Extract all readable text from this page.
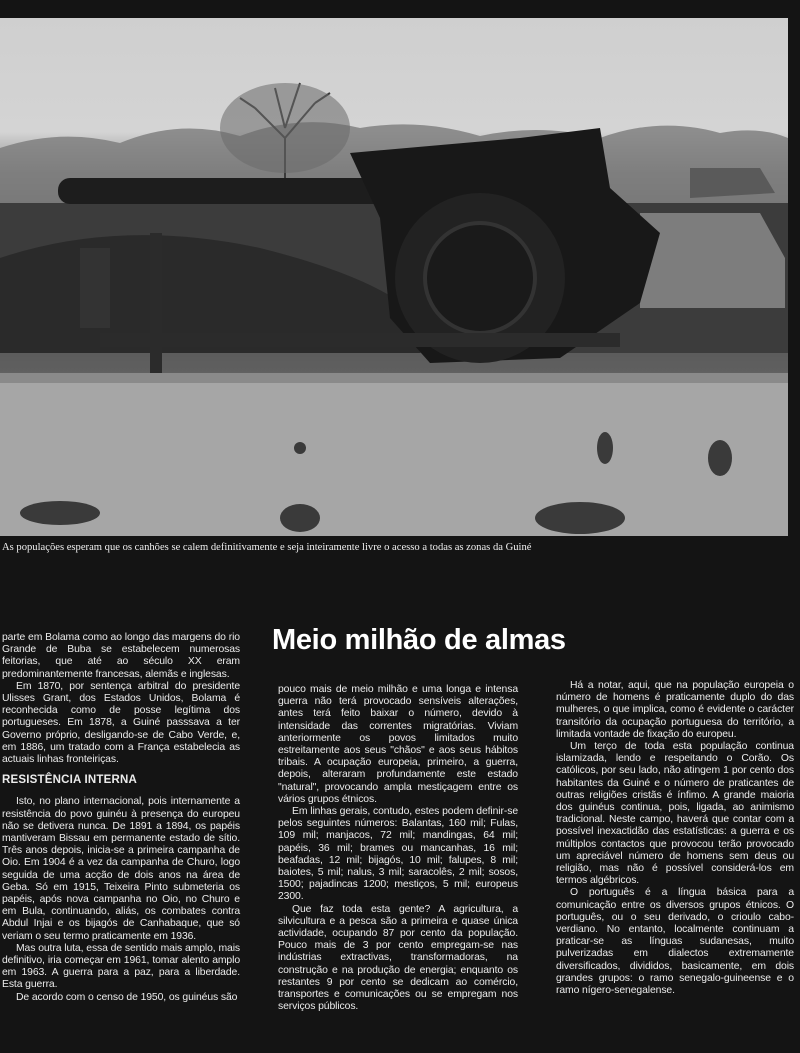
As populações esperam que os canhões se calem definitivamente e seja inteiramente livre o acesso a todas as zonas da Guiné
Meio milhão de almas

parte em Bolama como ao longo das margens do rio Grande de Buba se estabelecem numerosas feitorias, que até ao século XX eram predominantemente francesas, alemãs e inglesas.

Em 1870, por sentença arbitral do presidente Ulisses Grant, dos Estados Unidos, Bolama é reconhecida como de posse legítima dos portugueses. Em 1878, a Guiné passsava a ter Governo próprio, desligando-se de Cabo Verde, e, em 1886, um tratado com a França estabelecia as actuais linhas fronteiriças.

RESISTÊNCIA INTERNA

Isto, no plano internacional, pois internamente a resistência do povo guinéu à presença do europeu não se detivera nunca. De 1891 a 1894, os papéis mantiveram Bissau em permanente estado de sítio. Três anos depois, inicia-se a primeira campanha de Oio. Em 1904 é a vez da campanha de Churo, logo seguida de uma acção de dois anos na área de Geba. Só em 1915, Teixeira Pinto submeteria os papéis, após nova campanha no Oio, no Churo e em Bula, continuando, aliás, os combates contra Abdul Injai e os bijagós de Canhabaque, que só veriam o seu termo praticamente em 1936.

Mas outra luta, essa de sentido mais amplo, mais definitivo, iria começar em 1961, tomar alento amplo em 1963. A guerra para a paz, para a liberdade. Esta guerra.

De acordo com o censo de 1950, os guinéus são

pouco mais de meio milhão e uma longa e intensa guerra não terá provocado sensíveis alterações, antes terá feito baixar o número, devido à intensidade das correntes migratórias. Viviam anteriormente os povos limitados muito estreitamente aos seus "chãos" e aos seus hábitos tribais. A ocupação europeia, primeiro, a guerra, depois, alteraram profundamente este estado "natural", provocando ampla mestiçagem entre os vários grupos étnicos.

Em linhas gerais, contudo, estes podem definir-se pelos seguintes números: Balantas, 160 mil; Fulas, 109 mil; manjacos, 72 mil; mandingas, 64 mil; papéis, 36 mil; brames ou mancanhas, 16 mil; beafadas, 12 mil; bijagós, 10 mil; falupes, 8 mil; baiotes, 5 mil; nalus, 3 mil; saracolês, 2 mil; sosos, 1500; pajadincas 1200; mestiços, 5 mil; europeus 2300.

Que faz toda esta gente? A agricultura, a silvicultura e a pesca são a primeira e quase única actividade, ocupando 87 por cento da população. Pouco mais de 3 por cento empregam-se nas indústrias extractivas, transformadoras, na construção e na produção de energia; enquanto os restantes 9 por cento se dedicam ao comércio, transportes e comunicações ou se empregam nos serviços públicos.

Há a notar, aqui, que na população europeia o número de homens é praticamente duplo do das mulheres, o que implica, como é evidente o carácter transitório da ocupação portuguesa do território, a limitada vontade de fixação do europeu.

Um terço de toda esta população continua islamizada, lendo e respeitando o Corão. Os católicos, por seu lado, não atingem 1 por cento dos habitantes da Guiné e o número de praticantes de outras religiões cristãs é ínfimo. A grande maioria dos guinéus continua, pois, ligada, ao animismo tradicional. Neste campo, haverá que contar com a possível inexactidão das estatísticas: a guerra e os múltiplos contactos que provocou terão provocado um apreciável número de homens sem deus ou religião, mas não é possível considerá-los em termos algébricos.

O português é a língua básica para a comunicação entre os diversos grupos étnicos. O português, ou o seu derivado, o crioulo cabo-verdiano. No entanto, localmente continuam a praticar-se as línguas sudanesas, muito pulverizadas em dialectos extremamente diversificados, divididos, basicamente, em dois grandes grupos: o ramo senegalo-guineense e o ramo nígero-senegalense.
